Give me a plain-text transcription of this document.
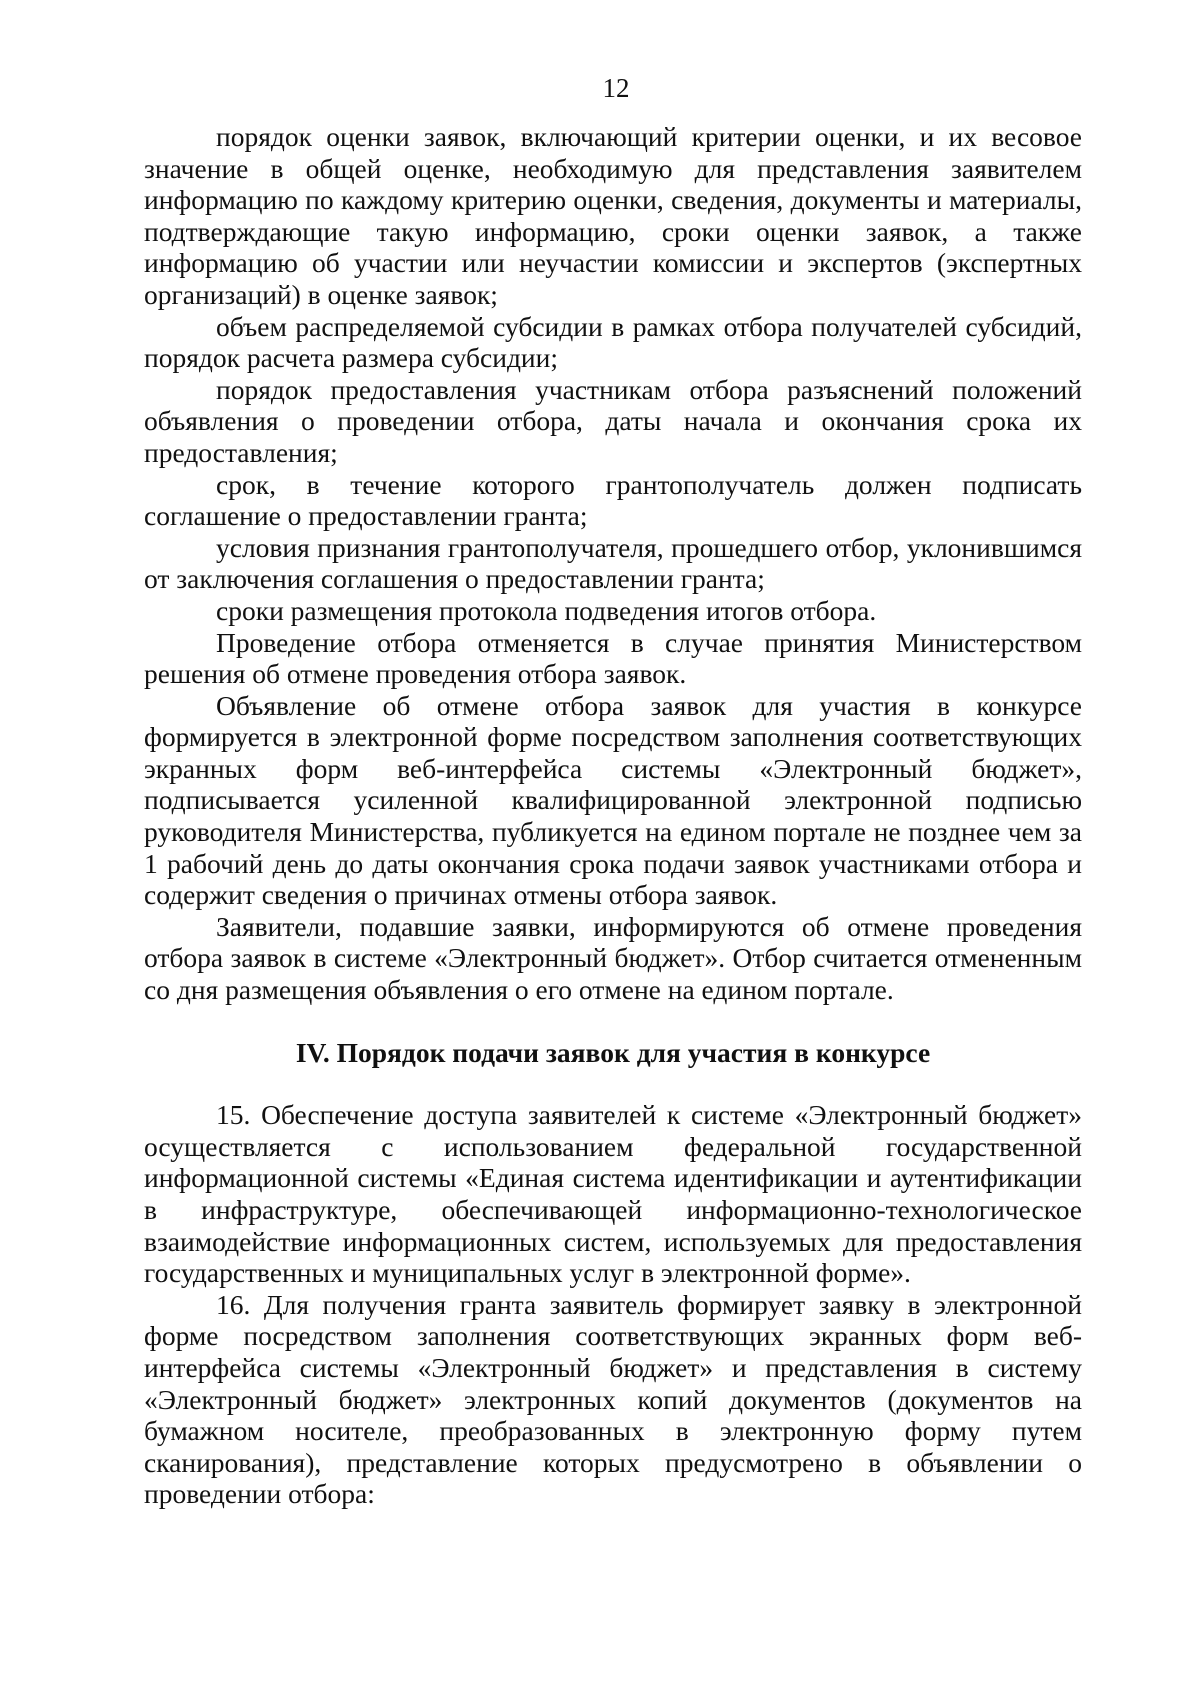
12

порядок оценки заявок, включающий критерии оценки, и их весовое значение в общей оценке, необходимую для представления заявителем информацию по каждому критерию оценки, сведения, документы и материалы, подтверждающие такую информацию, сроки оценки заявок, а также информацию об участии или неучастии комиссии и экспертов (экспертных организаций) в оценке заявок;

объем распределяемой субсидии в рамках отбора получателей субсидий, порядок расчета размера субсидии;

порядок предоставления участникам отбора разъяснений положений объявления о проведении отбора, даты начала и окончания срока их предоставления;

срок, в течение которого грантополучатель должен подписать соглашение о предоставлении гранта;

условия признания грантополучателя, прошедшего отбор, уклонившимся от заключения соглашения о предоставлении гранта;

сроки размещения протокола подведения итогов отбора.

Проведение отбора отменяется в случае принятия Министерством решения об отмене проведения отбора заявок.

Объявление об отмене отбора заявок для участия в конкурсе формируется в электронной форме посредством заполнения соответствующих экранных форм веб-интерфейса системы «Электронный бюджет», подписывается усиленной квалифицированной электронной подписью руководителя Министерства, публикуется на едином портале не позднее чем за 1 рабочий день до даты окончания срока подачи заявок участниками отбора и содержит сведения о причинах отмены отбора заявок.

Заявители, подавшие заявки, информируются об отмене проведения отбора заявок в системе «Электронный бюджет». Отбор считается отмененным со дня размещения объявления о его отмене на едином портале.

IV. Порядок подачи заявок для участия в конкурсе

15. Обеспечение доступа заявителей к системе «Электронный бюджет» осуществляется с использованием федеральной государственной информационной системы «Единая система идентификации и аутентификации в инфраструктуре, обеспечивающей информационно-технологическое взаимодействие информационных систем, используемых для предоставления государственных и муниципальных услуг в электронной форме».

16. Для получения гранта заявитель формирует заявку в электронной форме посредством заполнения соответствующих экранных форм веб-интерфейса системы «Электронный бюджет» и представления в систему «Электронный бюджет» электронных копий документов (документов на бумажном носителе, преобразованных в электронную форму путем сканирования), представление которых предусмотрено в объявлении о проведении отбора:
